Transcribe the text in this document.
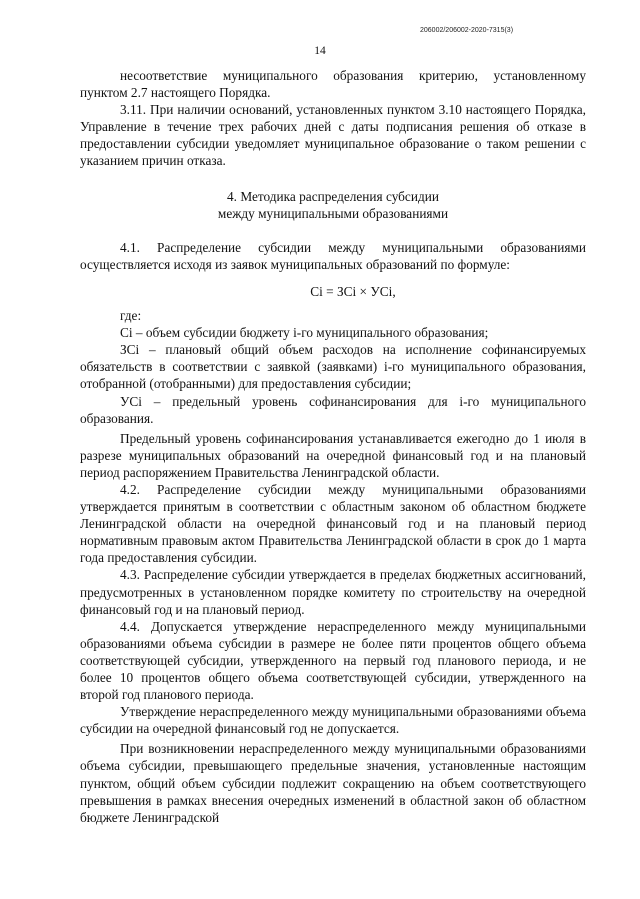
206002/206002-2020-7315(3)
14

несоответствие муниципального образования критерию, установленному пунктом 2.7 настоящего Порядка.

3.11. При наличии оснований, установленных пунктом 3.10 настоящего Порядка, Управление в течение трех рабочих дней с даты подписания решения об отказе в предоставлении субсидии уведомляет муниципальное образование о таком решении с указанием причин отказа.

4. Методика распределения субсидии
между муниципальными образованиями

4.1. Распределение субсидии между муниципальными образованиями осуществляется исходя из заявок муниципальных образований по формуле:

Ci = ЗCi × УCi,

где:

Ci – объем субсидии бюджету i-го муниципального образования;

ЗCi – плановый общий объем расходов на исполнение софинансируемых обязательств в соответствии с заявкой (заявками) i-го муниципального образования, отобранной (отобранными) для предоставления субсидии;

УCi – предельный уровень софинансирования для i-го муниципального образования.

Предельный уровень софинансирования устанавливается ежегодно до 1 июля в разрезе муниципальных образований на очередной финансовый год и на плановый период распоряжением Правительства Ленинградской области.

4.2. Распределение субсидии между муниципальными образованиями утверждается принятым в соответствии с областным законом об областном бюджете Ленинградской области на очередной финансовый год и на плановый период нормативным правовым актом Правительства Ленинградской области в срок до 1 марта года предоставления субсидии.

4.3. Распределение субсидии утверждается в пределах бюджетных ассигнований, предусмотренных в установленном порядке комитету по строительству на очередной финансовый год и на плановый период.

4.4. Допускается утверждение нераспределенного между муниципальными образованиями объема субсидии в размере не более пяти процентов общего объема соответствующей субсидии, утвержденного на первый год планового периода, и не более 10 процентов общего объема соответствующей субсидии, утвержденного на второй год планового периода.

Утверждение нераспределенного между муниципальными образованиями объема субсидии на очередной финансовый год не допускается.

При возникновении нераспределенного между муниципальными образованиями объема субсидии, превышающего предельные значения, установленные настоящим пунктом, общий объем субсидии подлежит сокращению на объем соответствующего превышения в рамках внесения очередных изменений в областной закон об областном бюджете Ленинградской
